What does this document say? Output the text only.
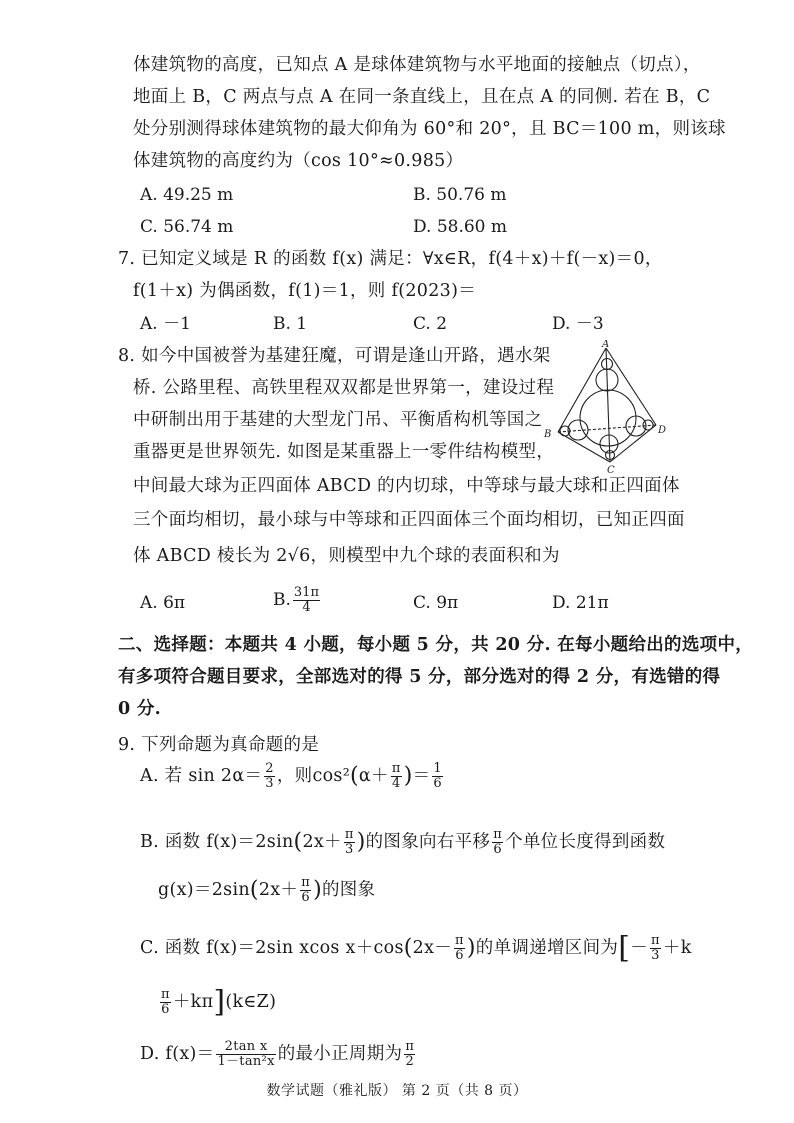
体建筑物的高度，已知点 A 是球体建筑物与水平地面的接触点（切点），
地面上 B，C 两点与点 A 在同一条直线上，且在点 A 的同侧. 若在 B，C
处分别测得球体建筑物的最大仰角为 60°和 20°，且 BC＝100 m，则该球
体建筑物的高度约为（cos 10°≈0.985）
A. 49.25 m	B. 50.76 m
C. 56.74 m	D. 58.60 m
7. 已知定义域是 R 的函数 f(x) 满足：∀x∈R，f(4＋x)＋f(－x)＝0，
f(1＋x) 为偶函数，f(1)＝1，则 f(2023)＝
A. －1	B. 1	C. 2	D. －3
8. 如今中国被誉为基建狂魔，可谓是逢山开路，遇水架
桥. 公路里程、高铁里程双双都是世界第一，建设过程
中研制出用于基建的大型龙门吊、平衡盾构机等国之
重器更是世界领先. 如图是某重器上一零件结构模型，
中间最大球为正四面体 ABCD 的内切球，中等球与最大球和正四面体
三个面均相切，最小球与中等球和正四面体三个面均相切，已知正四面
体 ABCD 棱长为 2√6，则模型中九个球的表面积和为
A
B
C
D
A. 6π	B. $\frac{31\pi}{4}$	C. 9π	D. 21π
二、选择题：本题共 4 小题，每小题 5 分，共 20 分. 在每小题给出的选项中，
有多项符合题目要求，全部选对的得 5 分，部分选对的得 2 分，有选错的得
0 分.
9. 下列命题为真命题的是
A. 若 $\sin 2\alpha= \frac{2}{3}$ ，则$\cos^2(\alpha+ \frac{\pi}{4}$ )＝ $\frac{1}{6}$
B. 函数 $f(x)=2\sin(2x+ \frac{\pi}{3}$ )的图象向右平移 $\frac{\pi}{6}$ 个单位长度得到函数
$g(x)=2\sin(2x+ \frac{\pi}{6}$ )的图象
C. 函数 f(x)＝2sin xcos $x+\cos(2x- \frac{\pi}{6}$ )的单调递增区间为[－ $\frac{\pi}{3} +k$
$\frac{\pi}{6}$ ＋kπ](k∈Z)
D. $f(x)= \frac{\text{2tan x}}{\text{1－tan²x}}$ 的最小正周期为 $\frac{\pi}{2}$
数学试题（雅礼版） 第 2 页（共 8 页）
